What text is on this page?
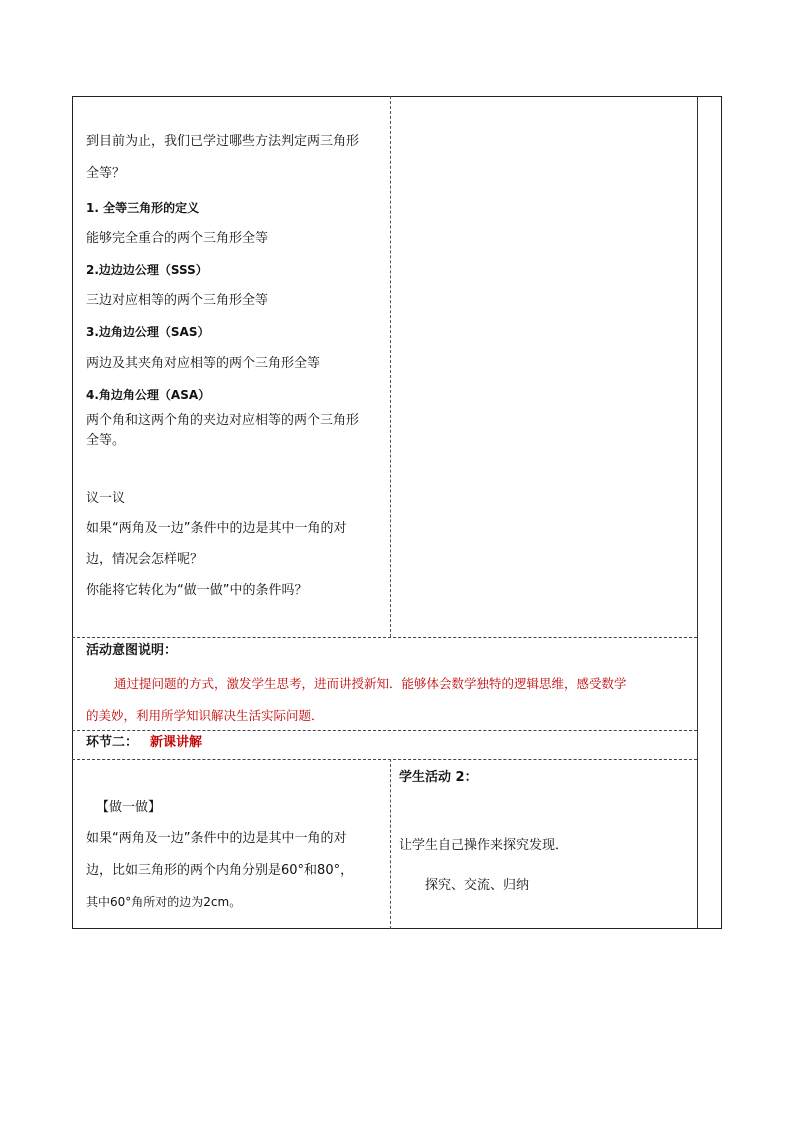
到目前为止，我们已学过哪些方法判定两三角形
全等？
1. 全等三角形的定义
能够完全重合的两个三角形全等
2.边边边公理（SSS）
三边对应相等的两个三角形全等
3.边角边公理（SAS）
两边及其夹角对应相等的两个三角形全等
4.角边角公理（ASA）
两个角和这两个角的夹边对应相等的两个三角形
全等。
议一议
如果“两角及一边”条件中的边是其中一角的对
边，情况会怎样呢？
你能将它转化为“做一做”中的条件吗？
活动意图说明：
通过提问题的方式，激发学生思考，进而讲授新知．能够体会数学独特的逻辑思维，感受数学
的美妙，利用所学知识解决生活实际问题．
环节二： 新课讲解
【做一做】
如果“两角及一边”条件中的边是其中一角的对
边，比如三角形的两个内角分别是60°和80°，
其中60°角所对的边为2cm。
学生活动 2：
让学生自己操作来探究发现．
探究、交流、归纳
